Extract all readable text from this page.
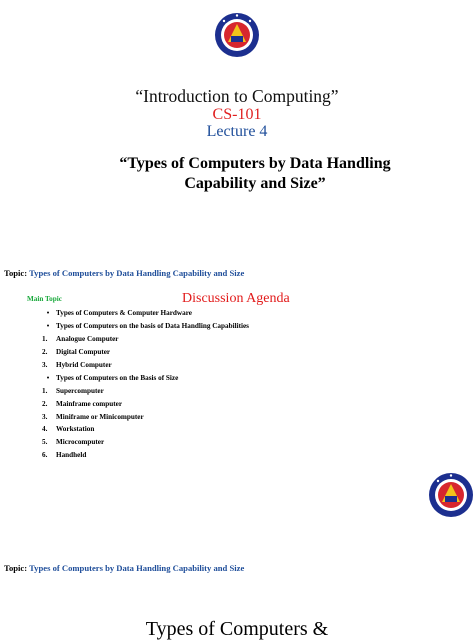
“Introduction to Computing”
CS-101
Lecture 4
“Types of Computers by Data Handling Capability and Size”
Topic: Types of Computers by Data Handling Capability and Size
Main Topic	Discussion Agenda
• Types of Computers & Computer Hardware
• Types of Computers on the basis of Data Handling Capabilities
1.	Analogue Computer
2.	Digital Computer
3.	Hybrid Computer
• Types of Computers on the Basis of Size
1.	Supercomputer
2.	Mainframe computer
3.	Miniframe or Minicomputer
4.	Workstation
5.	Microcomputer
6.	Handheld
Topic: Types of Computers by Data Handling Capability and Size
Types of Computers &
